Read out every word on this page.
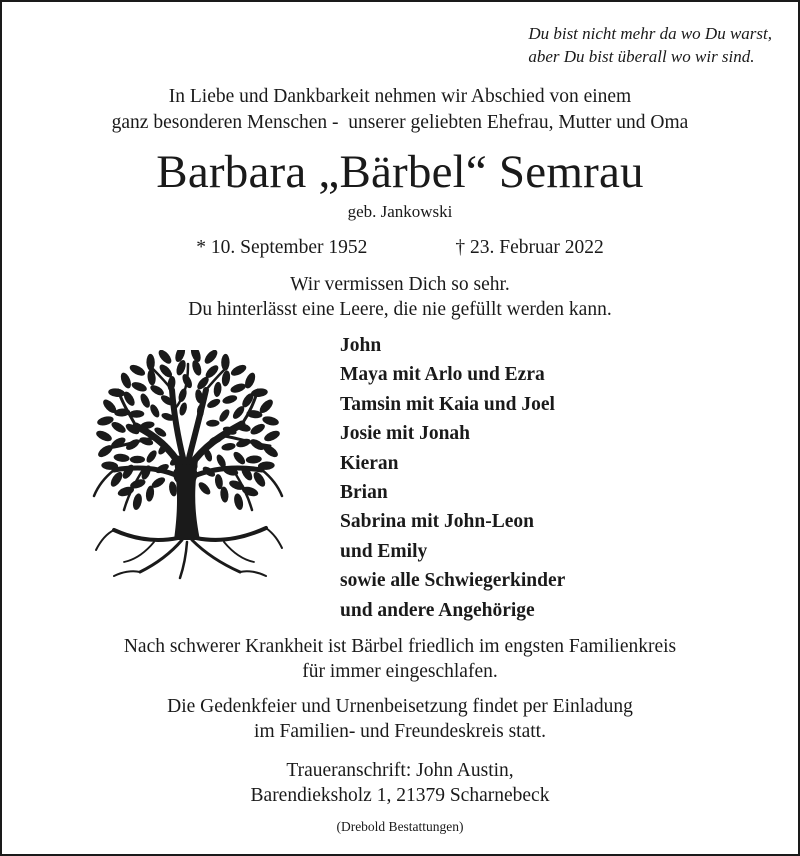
Du bist nicht mehr da wo Du warst,
aber Du bist überall wo wir sind.
In Liebe und Dankbarkeit nehmen wir Abschied von einem
ganz besonderen Menschen -  unserer geliebten Ehefrau, Mutter und Oma
Barbara „Bärbel“ Semrau
geb. Jankowski
* 10. September 1952	† 23. Februar 2022
Wir vermissen Dich so sehr.
Du hinterlässt eine Leere, die nie gefüllt werden kann.
John
Maya mit Arlo und Ezra
Tamsin mit Kaia und Joel
Josie mit Jonah
Kieran
Brian
Sabrina mit John-Leon
und Emily
sowie alle Schwiegerkinder
und andere Angehörige
Nach schwerer Krankheit ist Bärbel friedlich im engsten Familienkreis
für immer eingeschlafen.
Die Gedenkfeier und Urnenbeisetzung findet per Einladung
im Familien- und Freundeskreis statt.
Traueranschrift: John Austin,
Barendieksholz 1, 21379 Scharnebeck
(Drebold Bestattungen)
